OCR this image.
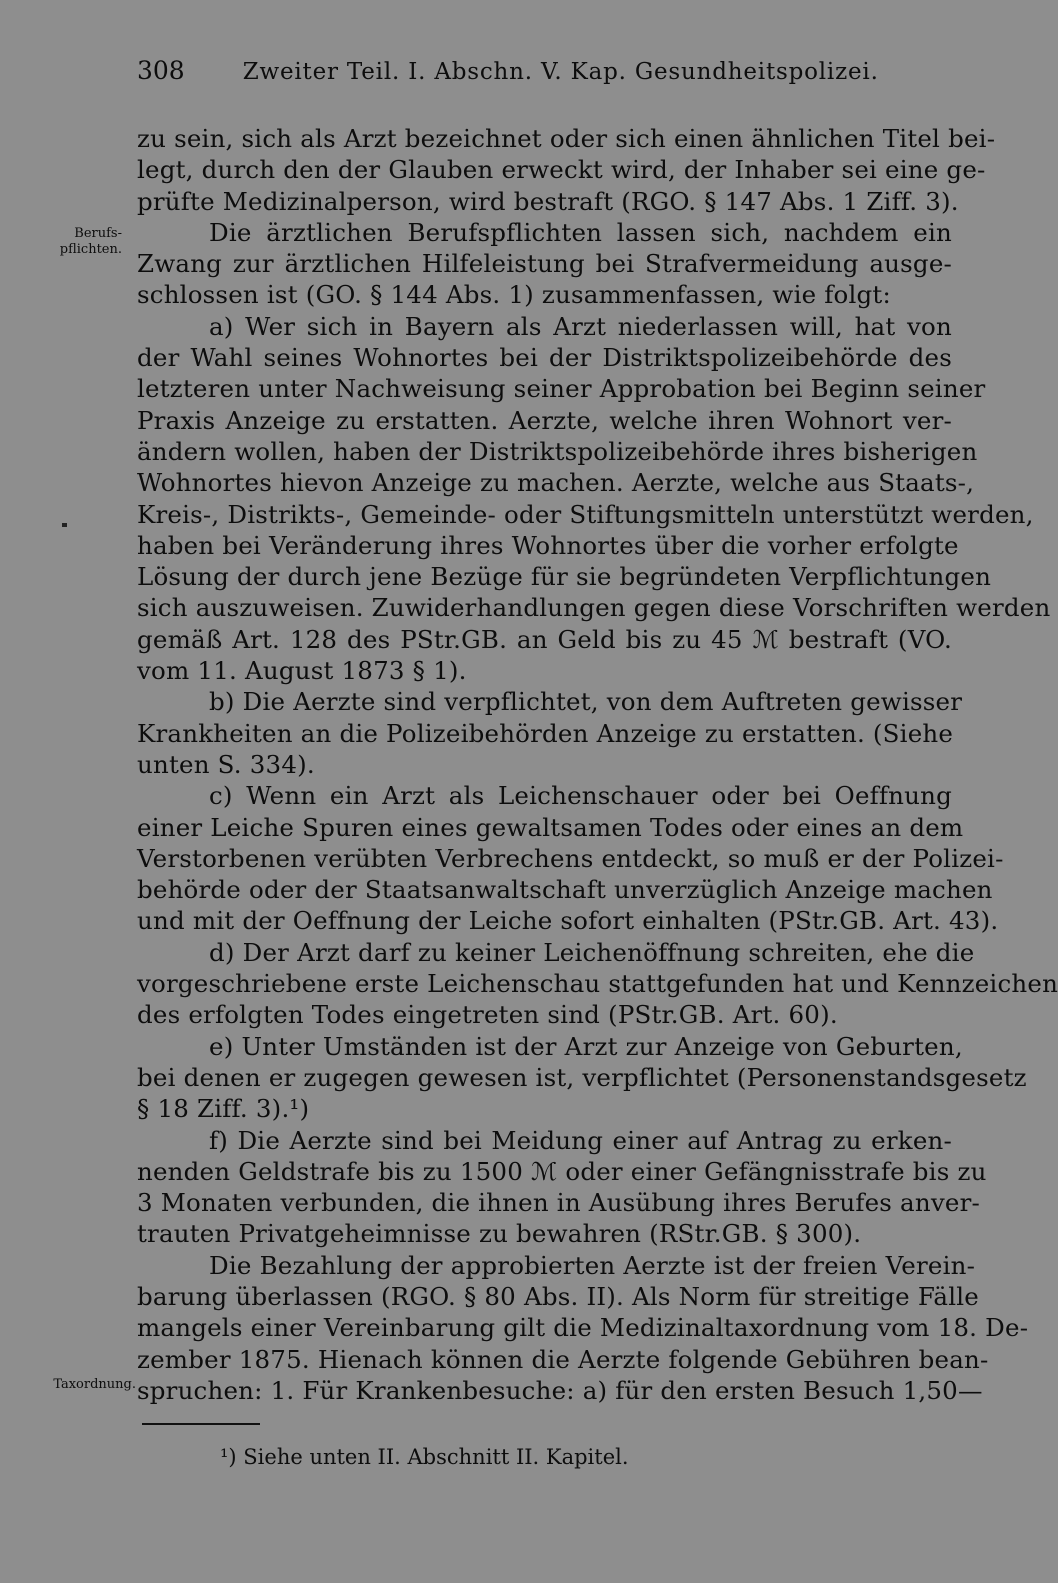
308	Zweiter Teil. I. Abschn. V. Kap. Gesundheitspolizei.
Berufs-
pflichten.
Taxordnung.
zu sein, sich als Arzt bezeichnet oder sich einen ähnlichen Titel bei-
legt, durch den der Glauben erweckt wird, der Inhaber sei eine ge-
prüfte Medizinalperson, wird bestraft (RGO. § 147 Abs. 1 Ziff. 3).
Die ärztlichen Berufspflichten lassen sich, nachdem ein
Zwang zur ärztlichen Hilfeleistung bei Strafvermeidung ausge-
schlossen ist (GO. § 144 Abs. 1) zusammenfassen, wie folgt:
a) Wer sich in Bayern als Arzt niederlassen will, hat von
der Wahl seines Wohnortes bei der Distriktspolizeibehörde des
letzteren unter Nachweisung seiner Approbation bei Beginn seiner
Praxis Anzeige zu erstatten. Aerzte, welche ihren Wohnort ver-
ändern wollen, haben der Distriktspolizeibehörde ihres bisherigen
Wohnortes hievon Anzeige zu machen. Aerzte, welche aus Staats-,
Kreis-, Distrikts-, Gemeinde- oder Stiftungsmitteln unterstützt werden,
haben bei Veränderung ihres Wohnortes über die vorher erfolgte
Lösung der durch jene Bezüge für sie begründeten Verpflichtungen
sich auszuweisen. Zuwiderhandlungen gegen diese Vorschriften werden
gemäß Art. 128 des PStr.GB. an Geld bis zu 45 ℳ bestraft (VO.
vom 11. August 1873 § 1).
b) Die Aerzte sind verpflichtet, von dem Auftreten gewisser
Krankheiten an die Polizeibehörden Anzeige zu erstatten. (Siehe
unten S. 334).
c) Wenn ein Arzt als Leichenschauer oder bei Oeffnung
einer Leiche Spuren eines gewaltsamen Todes oder eines an dem
Verstorbenen verübten Verbrechens entdeckt, so muß er der Polizei-
behörde oder der Staatsanwaltschaft unverzüglich Anzeige machen
und mit der Oeffnung der Leiche sofort einhalten (PStr.GB. Art. 43).
d) Der Arzt darf zu keiner Leichenöffnung schreiten, ehe die
vorgeschriebene erste Leichenschau stattgefunden hat und Kennzeichen
des erfolgten Todes eingetreten sind (PStr.GB. Art. 60).
e) Unter Umständen ist der Arzt zur Anzeige von Geburten,
bei denen er zugegen gewesen ist, verpflichtet (Personenstandsgesetz
§ 18 Ziff. 3).¹)
f) Die Aerzte sind bei Meidung einer auf Antrag zu erken-
nenden Geldstrafe bis zu 1500 ℳ oder einer Gefängnisstrafe bis zu
3 Monaten verbunden, die ihnen in Ausübung ihres Berufes anver-
trauten Privatgeheimnisse zu bewahren (RStr.GB. § 300).
Die Bezahlung der approbierten Aerzte ist der freien Verein-
barung überlassen (RGO. § 80 Abs. II). Als Norm für streitige Fälle
mangels einer Vereinbarung gilt die Medizinaltaxordnung vom 18. De-
zember 1875. Hienach können die Aerzte folgende Gebühren bean-
spruchen: 1. Für Krankenbesuche: a) für den ersten Besuch 1,50—
¹) Siehe unten II. Abschnitt II. Kapitel.
